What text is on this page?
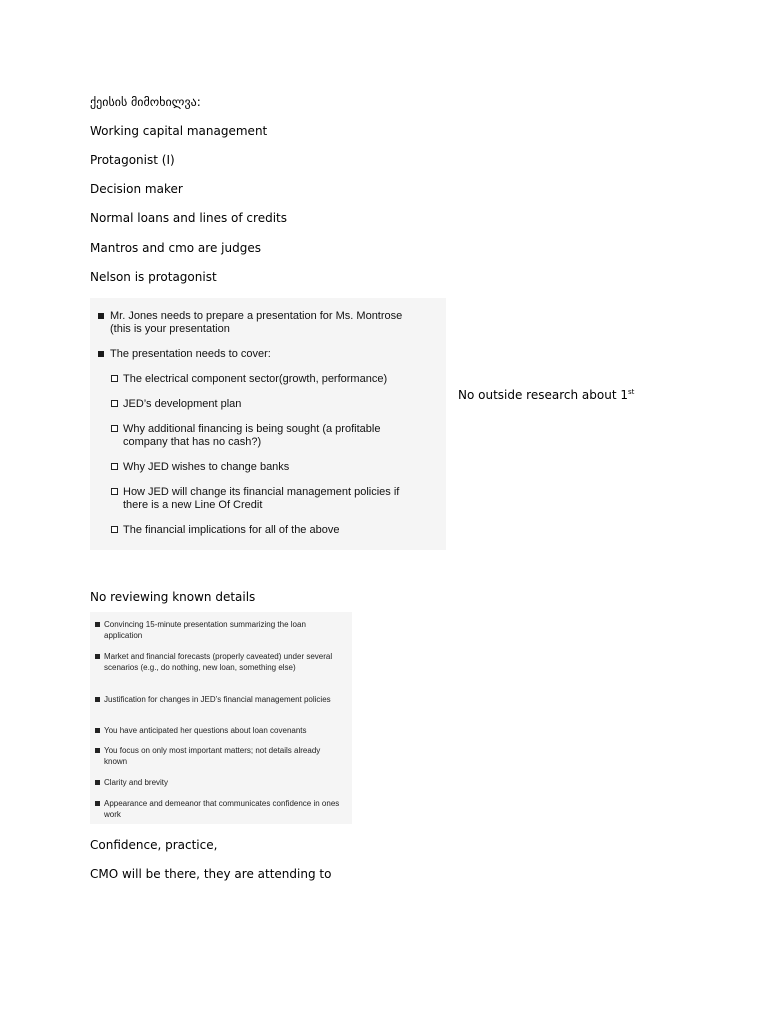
ქეისის მიმოხილვა:
Working capital management
Protagonist (I)
Decision maker
Normal loans and lines of credits
Mantros and cmo are judges
Nelson is protagonist
Mr. Jones needs to prepare a presentation for Ms. Montrose (this is your presentation
The presentation needs to cover:
The electrical component sector(growth, performance)
JED’s development plan
Why additional financing is being sought (a profitable company that has no cash?)
Why JED wishes to change banks
How JED will change its financial management policies if there is a new Line Of Credit
The financial implications for all of the above
No outside research about 1st
No reviewing known details
Convincing 15-minute presentation summarizing the loan application
Market and financial forecasts (properly caveated) under several scenarios (e.g., do nothing, new loan, something else)
Justification for changes in JED’s financial management policies
You have anticipated her questions about loan covenants
You focus on only most important matters; not details already known
Clarity and brevity
Appearance and demeanor that communicates confidence in ones work
Confidence, practice,
CMO will be there, they are attending to
